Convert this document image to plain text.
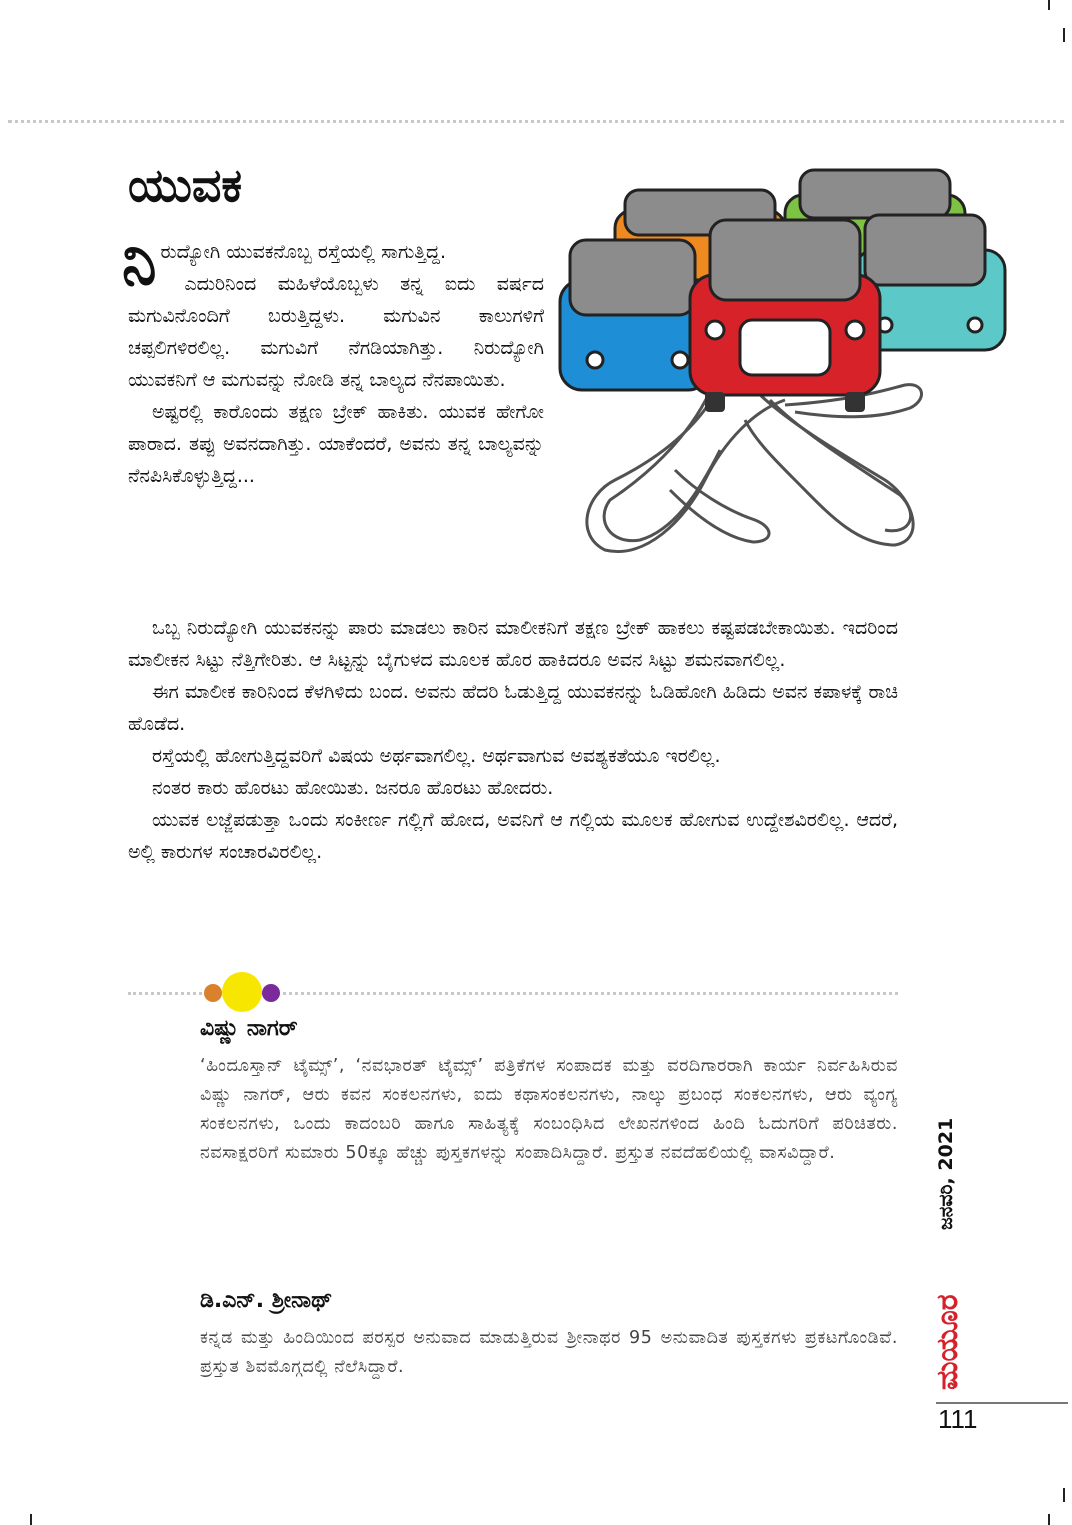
ಯುವಕ

ನಿರುದ್ಯೋಗಿ ಯುವಕನೊಬ್ಬ ರಸ್ತೆಯಲ್ಲಿ ಸಾಗುತ್ತಿದ್ದ.

ಎದುರಿನಿಂದ ಮಹಿಳೆಯೊಬ್ಬಳು ತನ್ನ ಐದು ವರ್ಷದ ಮಗುವಿನೊಂದಿಗೆ ಬರುತ್ತಿದ್ದಳು. ಮಗುವಿನ ಕಾಲುಗಳಿಗೆ ಚಪ್ಪಲಿಗಳಿರಲಿಲ್ಲ. ಮಗುವಿಗೆ ನೆಗಡಿಯಾಗಿತ್ತು. ನಿರುದ್ಯೋಗಿ ಯುವಕನಿಗೆ ಆ ಮಗುವನ್ನು ನೋಡಿ ತನ್ನ ಬಾಲ್ಯದ ನೆನಪಾಯಿತು.

ಅಷ್ಟರಲ್ಲಿ ಕಾರೊಂದು ತಕ್ಷಣ ಬ್ರೇಕ್ ಹಾಕಿತು. ಯುವಕ ಹೇಗೋ ಪಾರಾದ. ತಪ್ಪು ಅವನದಾಗಿತ್ತು. ಯಾಕೆಂದರೆ, ಅವನು ತನ್ನ ಬಾಲ್ಯವನ್ನು ನೆನಪಿಸಿಕೊಳ್ಳುತ್ತಿದ್ದ...

ಒಬ್ಬ ನಿರುದ್ಯೋಗಿ ಯುವಕನನ್ನು ಪಾರು ಮಾಡಲು ಕಾರಿನ ಮಾಲೀಕನಿಗೆ ತಕ್ಷಣ ಬ್ರೇಕ್ ಹಾಕಲು ಕಷ್ಟಪಡಬೇಕಾಯಿತು. ಇದರಿಂದ ಮಾಲೀಕನ ಸಿಟ್ಟು ನೆತ್ತಿಗೇರಿತು. ಆ ಸಿಟ್ಟನ್ನು ಬೈಗುಳದ ಮೂಲಕ ಹೊರ ಹಾಕಿದರೂ ಅವನ ಸಿಟ್ಟು ಶಮನವಾಗಲಿಲ್ಲ.

ಈಗ ಮಾಲೀಕ ಕಾರಿನಿಂದ ಕೆಳಗಿಳಿದು ಬಂದ. ಅವನು ಹೆದರಿ ಓಡುತ್ತಿದ್ದ ಯುವಕನನ್ನು ಓಡಿಹೋಗಿ ಹಿಡಿದು ಅವನ ಕಪಾಳಕ್ಕೆ ರಾಚಿ ಹೊಡೆದ.

ರಸ್ತೆಯಲ್ಲಿ ಹೋಗುತ್ತಿದ್ದವರಿಗೆ ವಿಷಯ ಅರ್ಥವಾಗಲಿಲ್ಲ. ಅರ್ಥವಾಗುವ ಅವಶ್ಯಕತೆಯೂ ಇರಲಿಲ್ಲ.

ನಂತರ ಕಾರು ಹೊರಟು ಹೋಯಿತು. ಜನರೂ ಹೊರಟು ಹೋದರು.

ಯುವಕ ಲಜ್ಜೆಪಡುತ್ತಾ ಒಂದು ಸಂಕೀರ್ಣ ಗಲ್ಲಿಗೆ ಹೋದ, ಅವನಿಗೆ ಆ ಗಲ್ಲಿಯ ಮೂಲಕ ಹೋಗುವ ಉದ್ದೇಶವಿರಲಿಲ್ಲ. ಆದರೆ, ಅಲ್ಲಿ ಕಾರುಗಳ ಸಂಚಾರವಿರಲಿಲ್ಲ.

ವಿಷ್ಣು ನಾಗರ್

‘ಹಿಂದೂಸ್ತಾನ್ ಟೈಮ್ಸ್’, ‘ನವಭಾರತ್ ಟೈಮ್ಸ್’ ಪತ್ರಿಕೆಗಳ ಸಂಪಾದಕ ಮತ್ತು ವರದಿಗಾರರಾಗಿ ಕಾರ್ಯ ನಿರ್ವಹಿಸಿರುವ ವಿಷ್ಣು ನಾಗರ್, ಆರು ಕವನ ಸಂಕಲನಗಳು, ಐದು ಕಥಾಸಂಕಲನಗಳು, ನಾಲ್ಕು ಪ್ರಬಂಧ ಸಂಕಲನಗಳು, ಆರು ವ್ಯಂಗ್ಯ ಸಂಕಲನಗಳು, ಒಂದು ಕಾದಂಬರಿ ಹಾಗೂ ಸಾಹಿತ್ಯಕ್ಕೆ ಸಂಬಂಧಿಸಿದ ಲೇಖನಗಳಿಂದ ಹಿಂದಿ ಓದುಗರಿಗೆ ಪರಿಚಿತರು. ನವಸಾಕ್ಷರರಿಗೆ ಸುಮಾರು 50ಕ್ಕೂ ಹೆಚ್ಚು ಪುಸ್ತಕಗಳನ್ನು ಸಂಪಾದಿಸಿದ್ದಾರೆ. ಪ್ರಸ್ತುತ ನವದೆಹಲಿಯಲ್ಲಿ ವಾಸವಿದ್ದಾರೆ.

ಡಿ.ಎನ್. ಶ್ರೀನಾಥ್

ಕನ್ನಡ ಮತ್ತು ಹಿಂದಿಯಿಂದ ಪರಸ್ಪರ ಅನುವಾದ ಮಾಡುತ್ತಿರುವ ಶ್ರೀನಾಥರ 95 ಅನುವಾದಿತ ಪುಸ್ತಕಗಳು ಪ್ರಕಟಗೊಂಡಿವೆ. ಪ್ರಸ್ತುತ ಶಿವಮೊಗ್ಗದಲ್ಲಿ ನೆಲೆಸಿದ್ದಾರೆ.

ಜನವರಿ, 2021
ಮಯೂರ
111
